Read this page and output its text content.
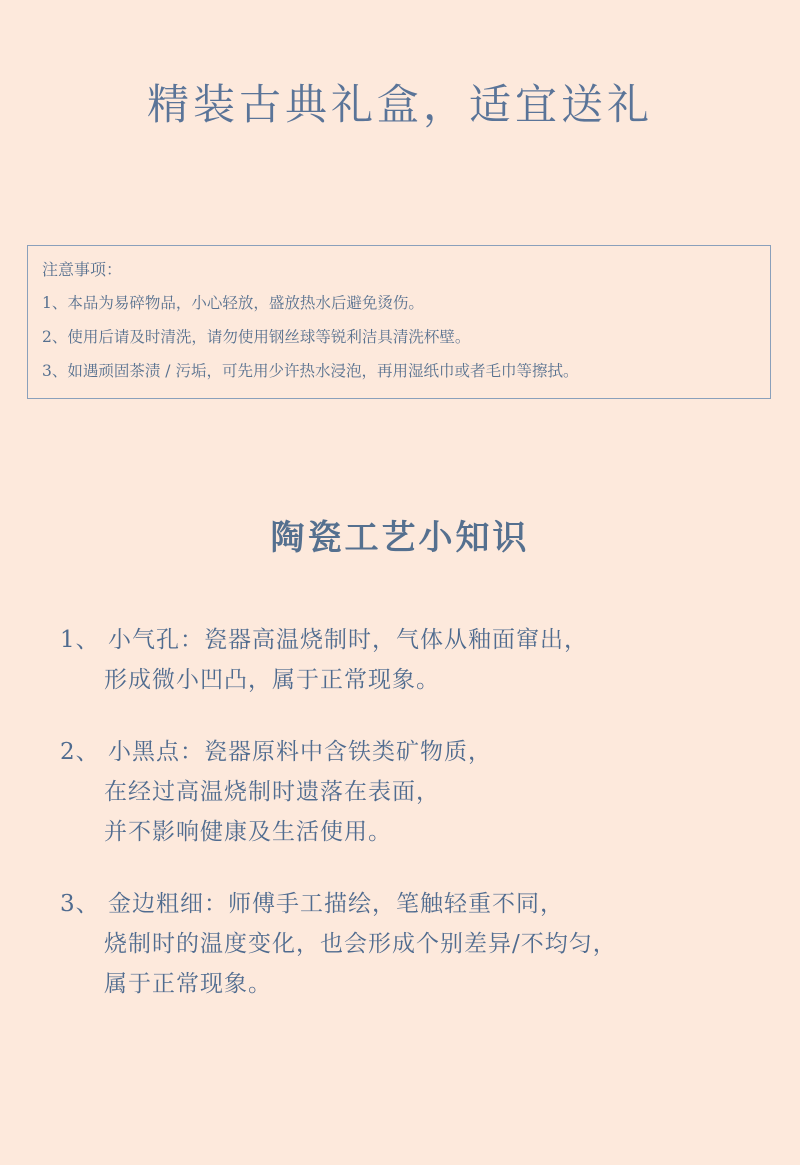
精装古典礼盒，适宜送礼
注意事项：
1、本品为易碎物品，小心轻放，盛放热水后避免烫伤。
2、使用后请及时清洗，请勿使用钢丝球等锐利洁具清洗杯壁。
3、如遇顽固茶渍 / 污垢，可先用少许热水浸泡，再用湿纸巾或者毛巾等擦拭。
陶瓷工艺小知识
1、 小气孔：瓷器高温烧制时，气体从釉面窜出，
形成微小凹凸，属于正常现象。
2、 小黑点：瓷器原料中含铁类矿物质，
在经过高温烧制时遗落在表面，
并不影响健康及生活使用。
3、 金边粗细：师傅手工描绘，笔触轻重不同，
烧制时的温度变化，也会形成个别差异/不均匀，
属于正常现象。
